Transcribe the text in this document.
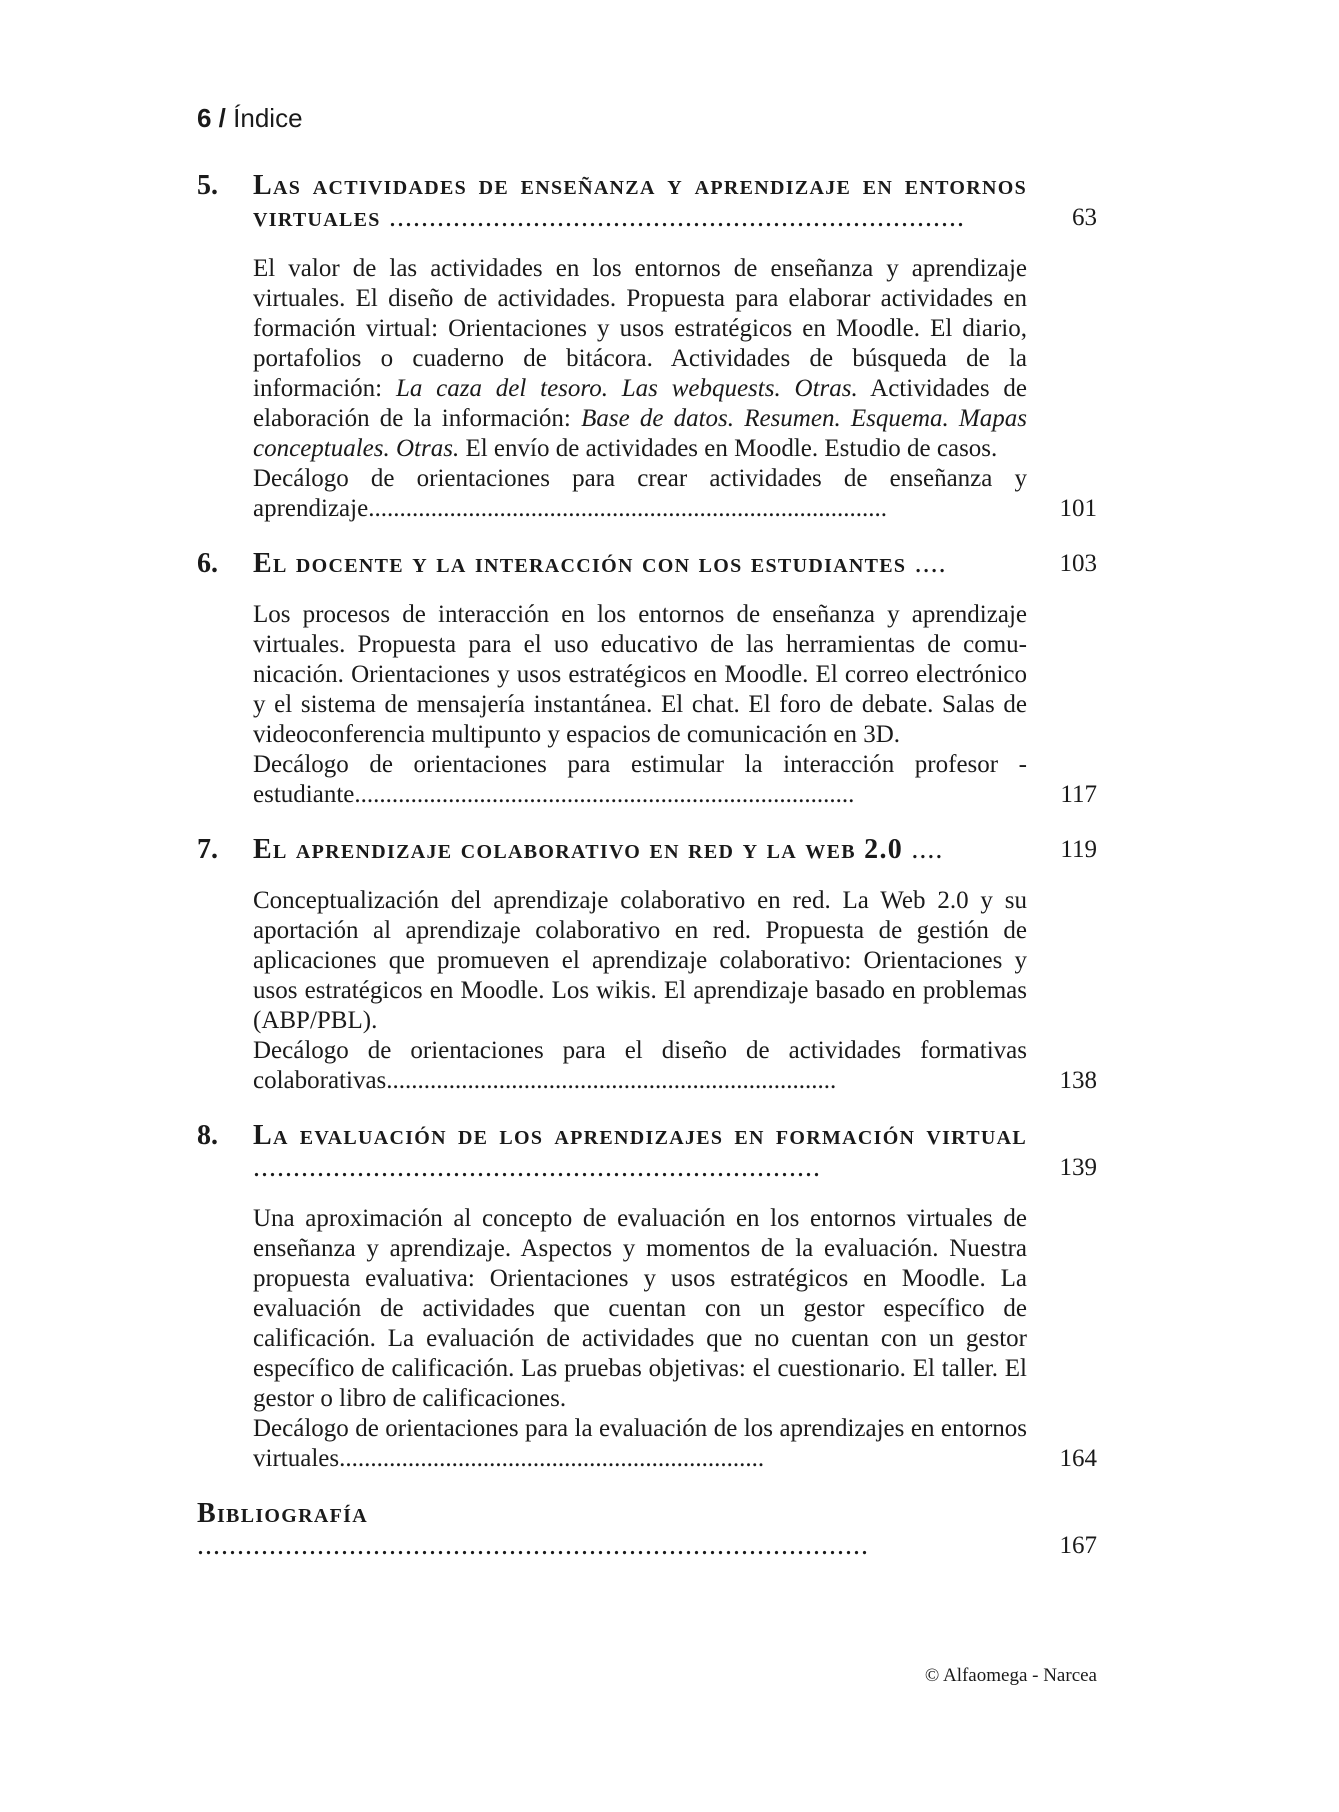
6 / Índice
5. Las actividades de enseñanza y aprendizaje en entornos virtuales ........................................................................	63

El valor de las actividades en los entornos de enseñanza y aprendizaje virtuales. El diseño de actividades. Propuesta para elaborar actividades en formación virtual: Orientaciones y usos estratégicos en Moodle. El diario, portafolios o cuaderno de bitácora. Actividades de búsqueda de la información: La caza del tesoro. Las webquests. Otras. Actividades de elaboración de la información: Base de datos. Resumen. Esquema. Mapas conceptuales. Otras. El envío de actividades en Moodle. Estudio de casos.

Decálogo de orientaciones para crear actividades de enseñanza y aprendizaje...................................................................................	101
6. El docente y la interacción con los estudiantes ....	103

Los procesos de interacción en los entornos de enseñanza y aprendizaje virtuales. Propuesta para el uso educativo de las herramientas de comunicación. Orientaciones y usos estratégicos en Moodle. El correo electrónico y el sistema de mensajería instantánea. El chat. El foro de debate. Salas de videoconferencia multipunto y espacios de comunicación en 3D.

Decálogo de orientaciones para estimular la interacción profesor - estudiante................................................................................	117
7. El aprendizaje colaborativo en red y la web 2.0 ....	119

Conceptualización del aprendizaje colaborativo en red. La Web 2.0 y su aportación al aprendizaje colaborativo en red. Propuesta de gestión de aplicaciones que promueven el aprendizaje colaborativo: Orientaciones y usos estratégicos en Moodle. Los wikis. El aprendizaje basado en problemas (ABP/PBL).

Decálogo de orientaciones para el diseño de actividades formativas colaborativas........................................................................	138
8. La evaluación de los aprendizajes en formación virtual .......................................................................	139

Una aproximación al concepto de evaluación en los entornos virtuales de enseñanza y aprendizaje. Aspectos y momentos de la evaluación. Nuestra propuesta evaluativa: Orientaciones y usos estratégicos en Moodle. La evaluación de actividades que cuentan con un gestor específico de calificación. La evaluación de actividades que no cuentan con un gestor específico de calificación. Las pruebas objetivas: el cuestionario. El taller. El gestor o libro de calificaciones.

Decálogo de orientaciones para la evaluación de los aprendizajes en entornos virtuales....................................................................	164
Bibliografía ....................................................................................	167
© Alfaomega - Narcea
